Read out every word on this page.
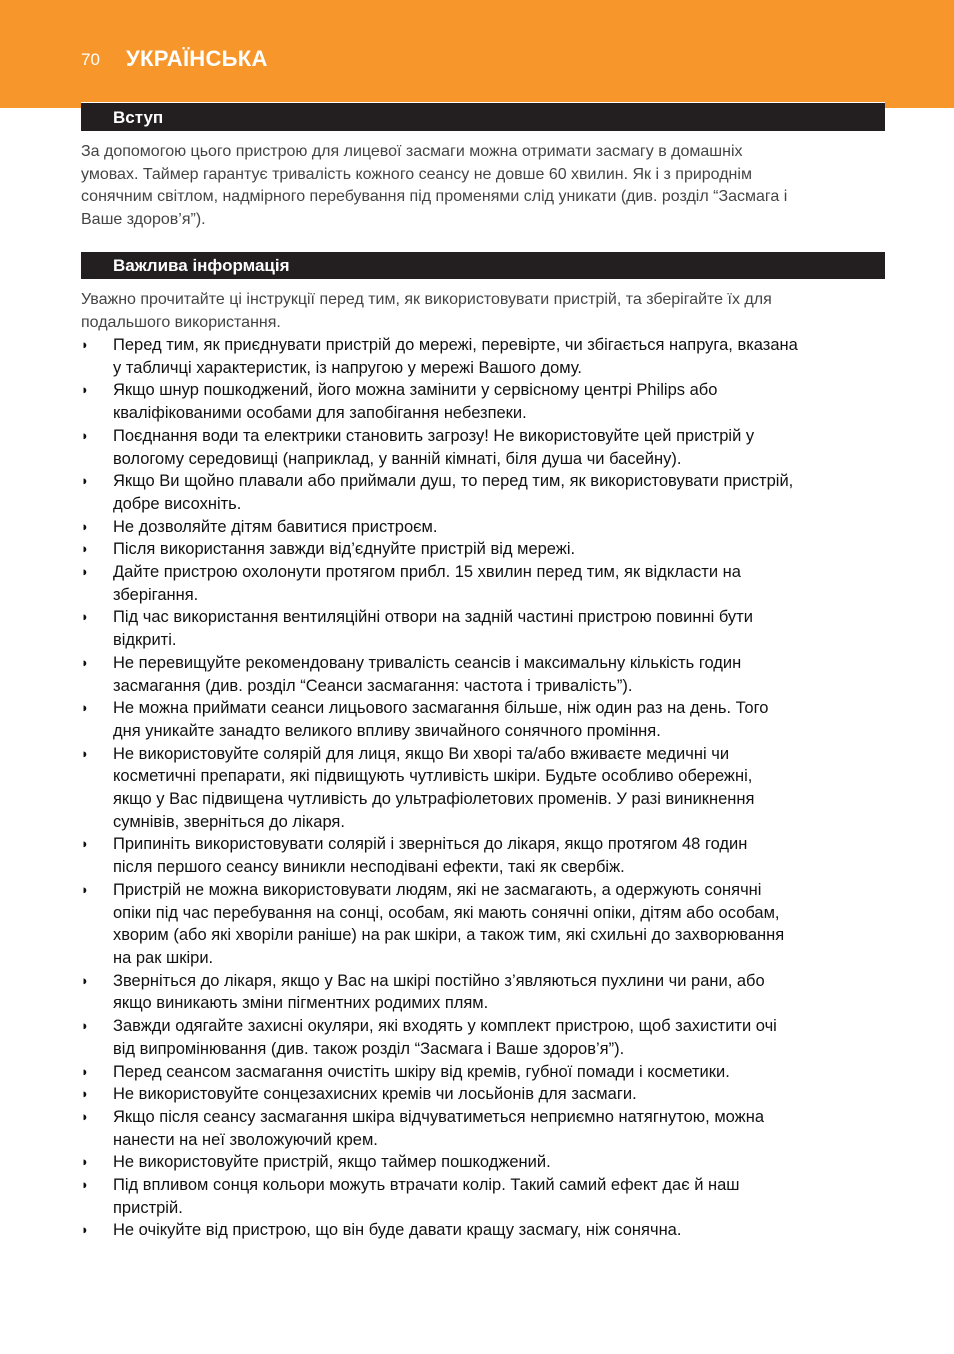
70 УКРАЇНСЬКА
Вступ
За допомогою цього пристрою для лицевої засмаги можна отримати засмагу в домашніх
умовах. Таймер гарантує тривалість кожного сеансу не довше 60 хвилин. Як і з природнім
сонячним світлом, надмірного перебування під променями слід уникати (див. розділ “Засмага і
Ваше здоров’я”).
Важлива інформація
Уважно прочитайте ці інструкції перед тим, як використовувати пристрій, та зберігайте їх для
подальшого використання.
◗ Перед тим, як приєднувати пристрій до мережі, перевірте, чи збігається напруга, вказана
у табличці характеристик, із напругою у мережі Вашого дому.
◗ Якщо шнур пошкоджений, його можна замінити у сервісному центрі Philips або
кваліфікованими особами для запобігання небезпеки.
◗ Поєднання води та електрики становить загрозу! Не використовуйте цей пристрій у
вологому середовищі (наприклад, у ванній кімнаті, біля душа чи басейну).
◗ Якщо Ви щойно плавали або приймали душ, то перед тим, як використовувати пристрій,
добре висохніть.
◗ Не дозволяйте дітям бавитися пристроєм.
◗ Після використання завжди від’єднуйте пристрій від мережі.
◗ Дайте пристрою охолонути протягом прибл. 15 хвилин перед тим, як відкласти на
зберігання.
◗ Під час використання вентиляційні отвори на задній частині пристрою повинні бути
відкриті.
◗ Не перевищуйте рекомендовану тривалість сеансів і максимальну кількість годин
засмагання (див. розділ “Сеанси засмагання: частота і тривалість”).
◗ Не можна приймати сеанси лицьового засмагання більше, ніж один раз на день. Того
дня уникайте занадто великого впливу звичайного сонячного проміння.
◗ Не використовуйте солярій для лиця, якщо Ви хворі та/або вживаєте медичні чи
косметичні препарати, які підвищують чутливість шкіри. Будьте особливо обережні,
якщо у Вас підвищена чутливість до ультрафіолетових променів. У разі виникнення
сумнівів, зверніться до лікаря.
◗ Припиніть використовувати солярій і зверніться до лікаря, якщо протягом 48 годин
після першого сеансу виникли несподівані ефекти, такі як свербіж.
◗ Пристрій не можна використовувати людям, які не засмагають, а одержують сонячні
опіки під час перебування на сонці, особам, які мають сонячні опіки, дітям або особам,
хворим (або які хворіли раніше) на рак шкіри, а також тим, які схильні до захворювання
на рак шкіри.
◗ Зверніться до лікаря, якщо у Вас на шкірі постійно з’являються пухлини чи рани, або
якщо виникають зміни пігментних родимих плям.
◗ Завжди одягайте захисні окуляри, які входять у комплект пристрою, щоб захистити очі
від випромінювання (див. також розділ “Засмага і Ваше здоров’я”).
◗ Перед сеансом засмагання очистіть шкіру від кремів, губної помади і косметики.
◗ Не використовуйте сонцезахисних кремів чи лосьйонів для засмаги.
◗ Якщо після сеансу засмагання шкіра відчуватиметься неприємно натягнутою, можна
нанести на неї зволожуючий крем.
◗ Не використовуйте пристрій, якщо таймер пошкоджений.
◗ Під впливом сонця кольори можуть втрачати колір. Такий самий ефект дає й наш
пристрій.
◗ Не очікуйте від пристрою, що він буде давати кращу засмагу, ніж сонячна.
